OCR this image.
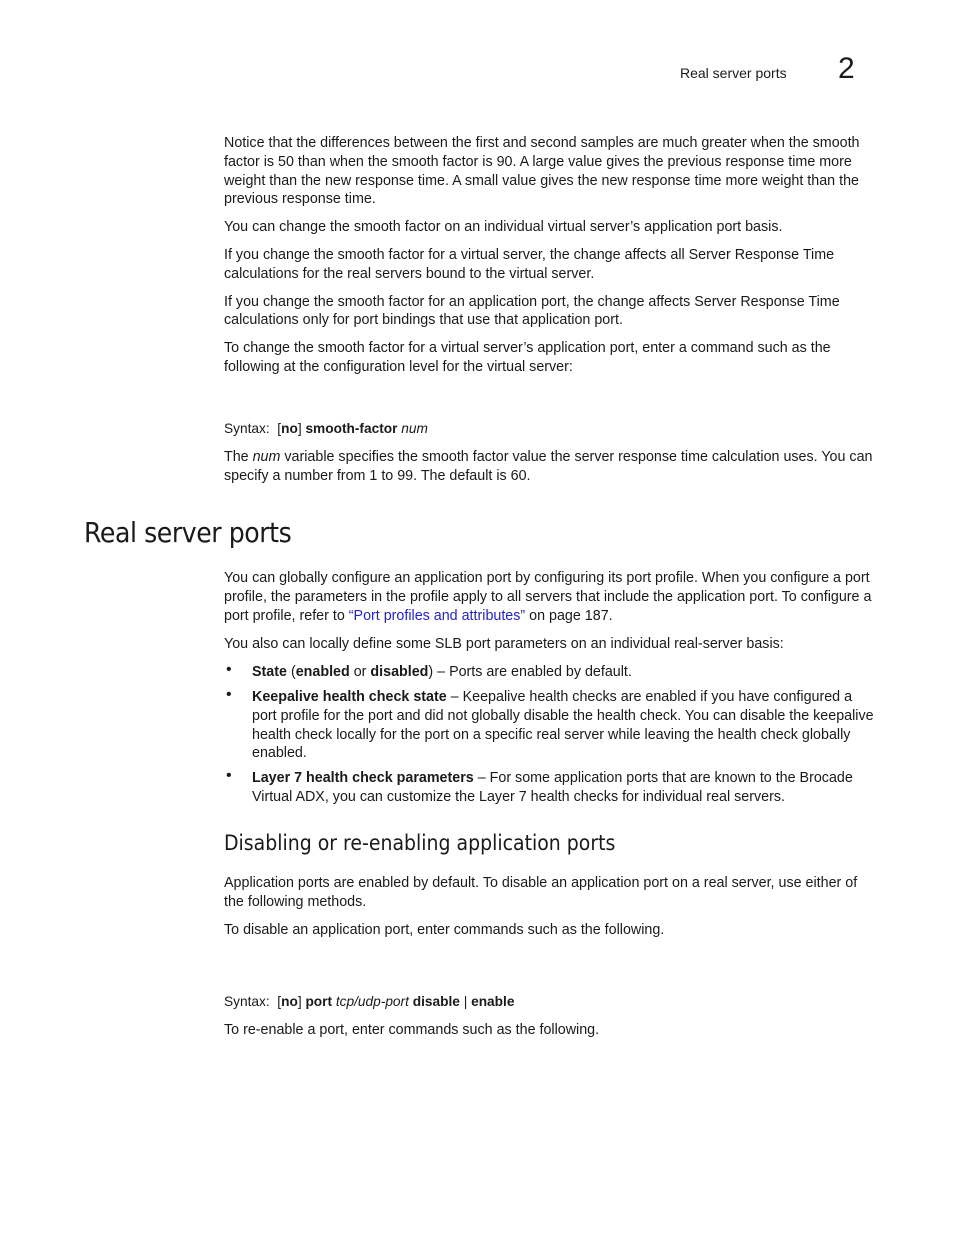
Real server ports 2

Notice that the differences between the first and second samples are much greater when the smooth factor is 50 than when the smooth factor is 90. A large value gives the previous response time more weight than the new response time. A small value gives the new response time more weight than the previous response time.

You can change the smooth factor on an individual virtual server’s application port basis.

If you change the smooth factor for a virtual server, the change affects all Server Response Time calculations for the real servers bound to the virtual server.

If you change the smooth factor for an application port, the change affects Server Response Time calculations only for port bindings that use that application port.

To change the smooth factor for a virtual server’s application port, enter a command such as the following at the configuration level for the virtual server:

Syntax: [no] smooth-factor num

The num variable specifies the smooth factor value the server response time calculation uses. You can specify a number from 1 to 99. The default is 60.

Real server ports

You can globally configure an application port by configuring its port profile. When you configure a port profile, the parameters in the profile apply to all servers that include the application port. To configure a port profile, refer to “Port profiles and attributes” on page 187.

You also can locally define some SLB port parameters on an individual real-server basis:

• State (enabled or disabled) – Ports are enabled by default.
• Keepalive health check state – Keepalive health checks are enabled if you have configured a port profile for the port and did not globally disable the health check. You can disable the keepalive health check locally for the port on a specific real server while leaving the health check globally enabled.
• Layer 7 health check parameters – For some application ports that are known to the Brocade Virtual ADX, you can customize the Layer 7 health checks for individual real servers.
Disabling or re-enabling application ports

Application ports are enabled by default. To disable an application port on a real server, use either of the following methods.

To disable an application port, enter commands such as the following.

Syntax: [no] port tcp/udp-port disable | enable

To re-enable a port, enter commands such as the following.
